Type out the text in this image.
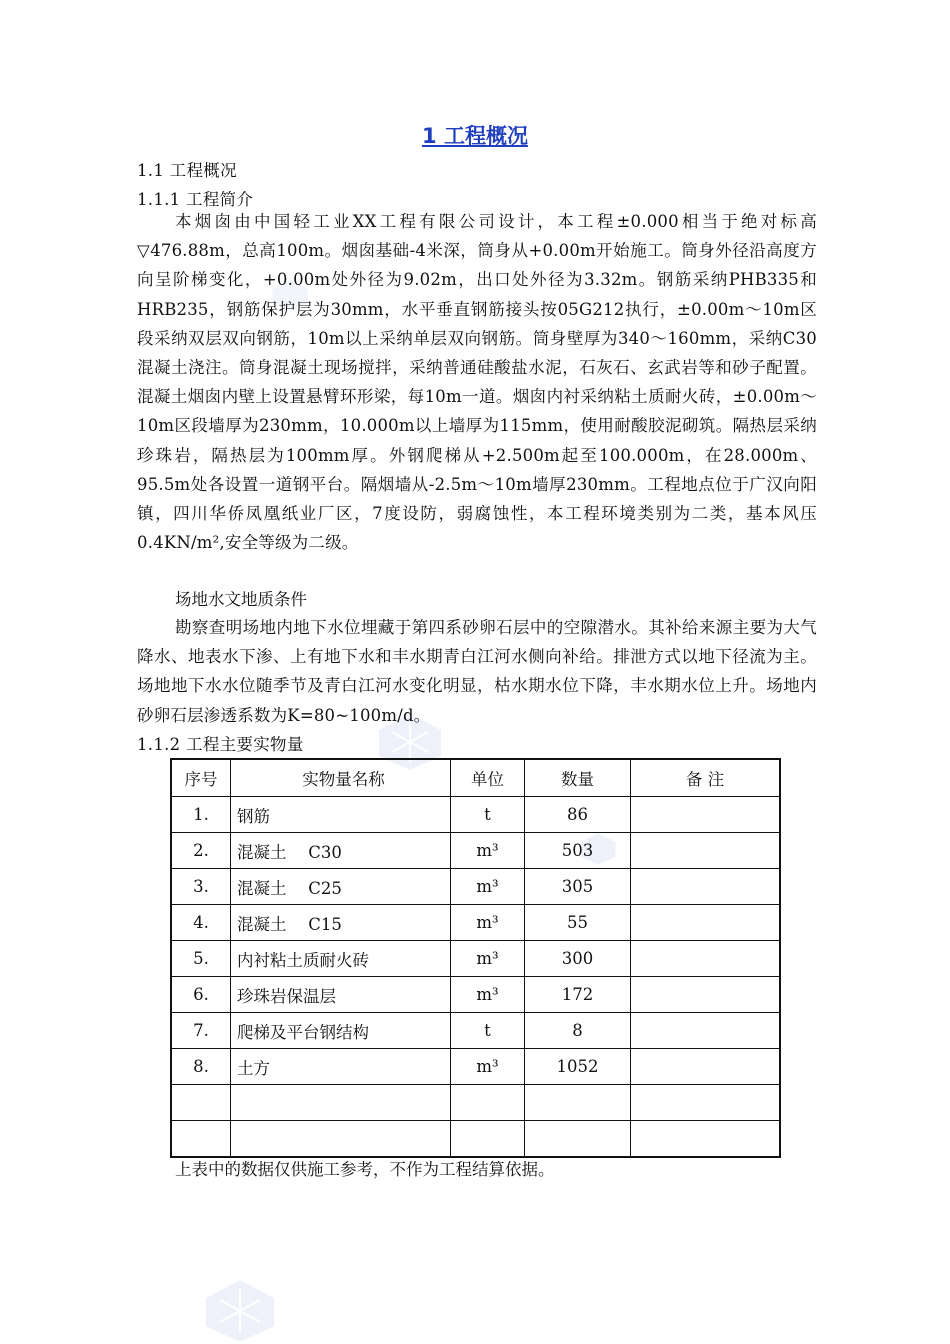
1 工程概况
1.1 工程概况
1.1.1 工程简介
本烟囱由中国轻工业XX工程有限公司设计，本工程±0.000相当于绝对标高▽476.88m，总高100m。烟囱基础-4米深，筒身从+0.00m开始施工。筒身外径沿高度方向呈阶梯变化，+0.00m处外径为9.02m，出口处外径为3.32m。钢筋采纳PHB335和HRB235，钢筋保护层为30mm，水平垂直钢筋接头按05G212执行，±0.00m～10m区段采纳双层双向钢筋，10m以上采纳单层双向钢筋。筒身壁厚为340～160mm，采纳C30混凝土浇注。筒身混凝土现场搅拌，采纳普通硅酸盐水泥，石灰石、玄武岩等和砂子配置。混凝土烟囱内壁上设置悬臂环形梁，每10m一道。烟囱内衬采纳粘土质耐火砖，±0.00m～10m区段墙厚为230mm，10.000m以上墙厚为115mm，使用耐酸胶泥砌筑。隔热层采纳珍珠岩，隔热层为100mm厚。外钢爬梯从+2.500m起至100.000m，在28.000m、95.5m处各设置一道钢平台。隔烟墙从-2.5m～10m墙厚230mm。工程地点位于广汉向阳镇，四川华侨凤凰纸业厂区，7度设防，弱腐蚀性，本工程环境类别为二类，基本风压0.4KN/m²,安全等级为二级。
场地水文地质条件
勘察查明场地内地下水位埋藏于第四系砂卵石层中的空隙潜水。其补给来源主要为大气降水、地表水下渗、上有地下水和丰水期青白江河水侧向补给。排泄方式以地下径流为主。场地地下水水位随季节及青白江河水变化明显，枯水期水位下降，丰水期水位上升。场地内砂卵石层渗透系数为K=80~100m/d。
1.1.2 工程主要实物量
序号	实物量名称	单位	数量	备 注
1.	钢筋	t	86	
2.	混凝土　 C30	m³	503	
3.	混凝土　 C25	m³	305	
4.	混凝土　 C15	m³	55	
5.	内衬粘土质耐火砖	m³	300	
6.	珍珠岩保温层	m³	172	
7.	爬梯及平台钢结构	t	8	
8.	土方	m³	1052	

上表中的数据仅供施工参考，不作为工程结算依据。
